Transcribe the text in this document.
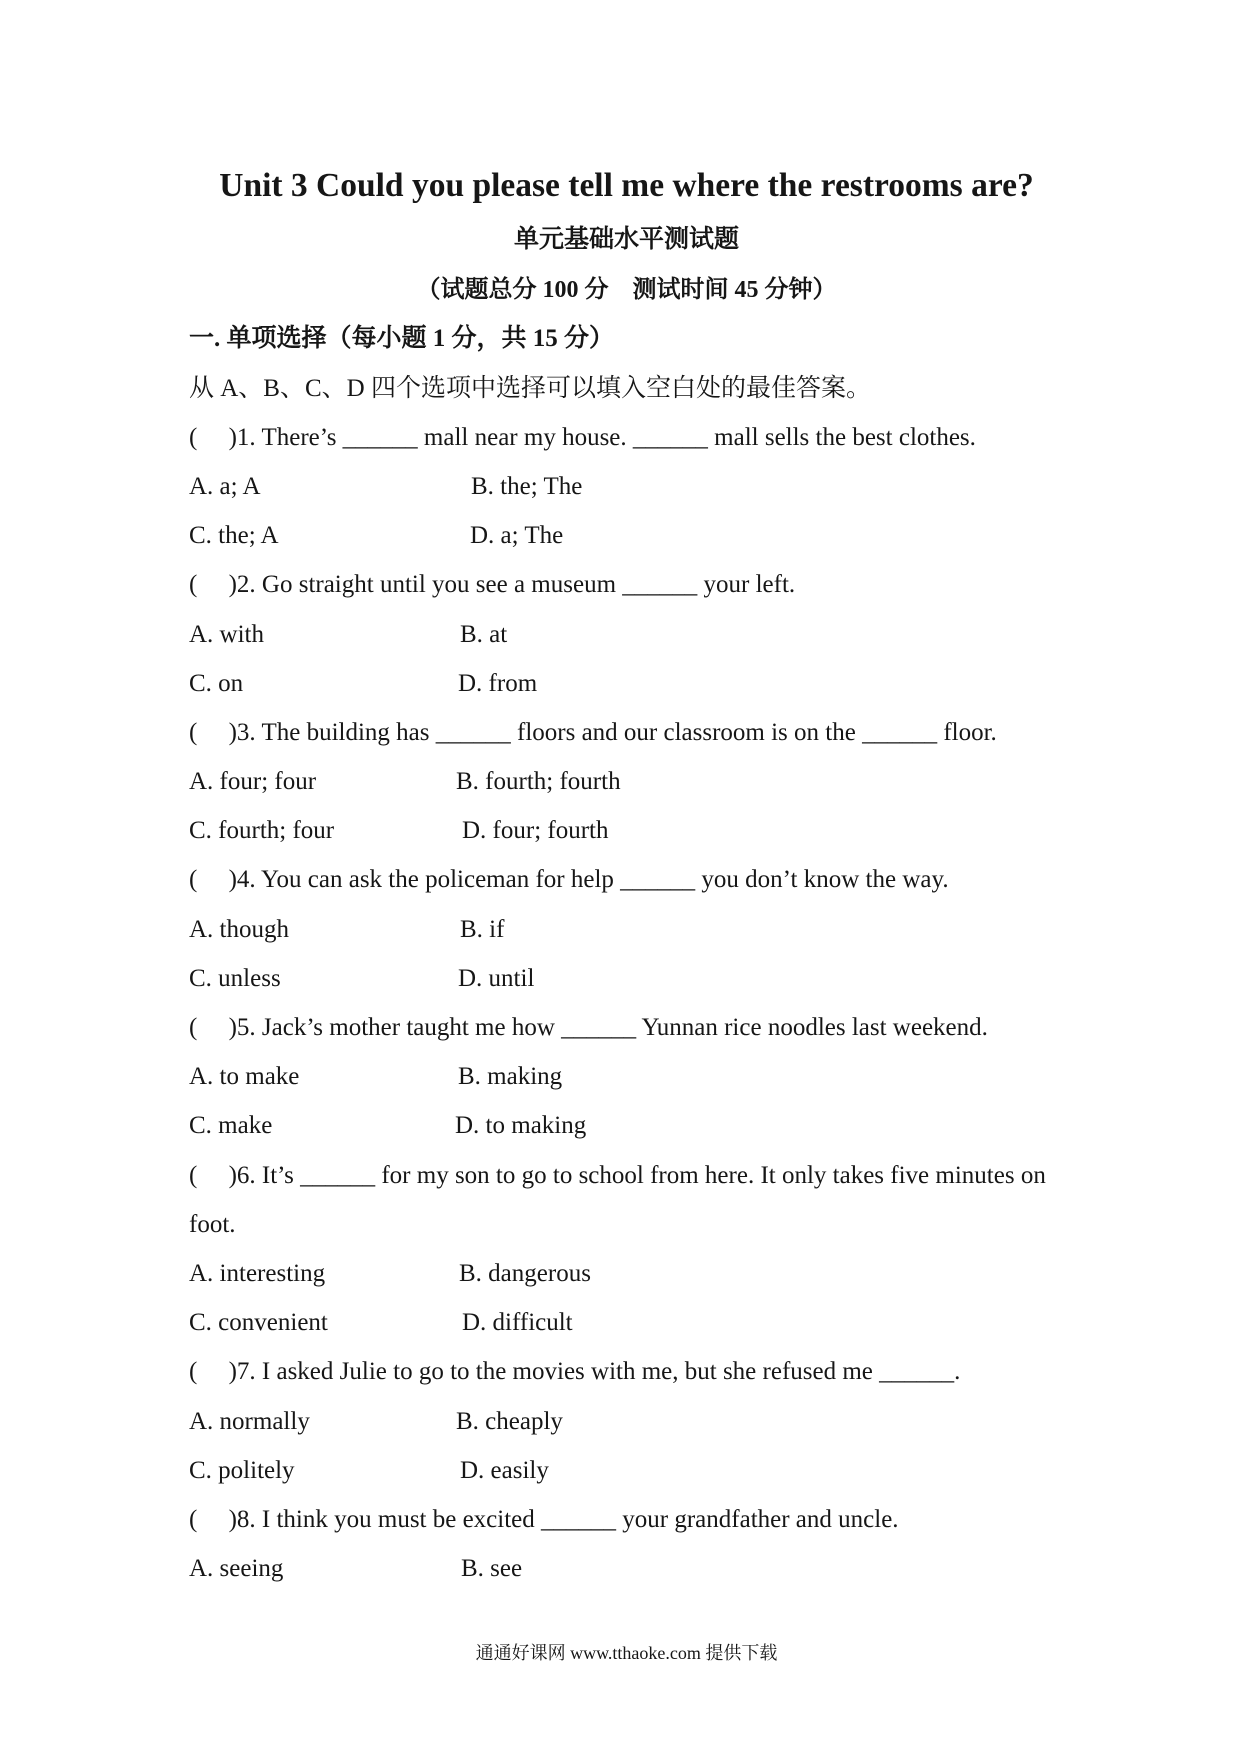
Unit 3 Could you please tell me where the restrooms are?
单元基础水平测试题
（试题总分 100 分　测试时间 45 分钟）
一. 单项选择（每小题 1 分，共 15 分）
从 A、B、C、D 四个选项中选择可以填入空白处的最佳答案。
(     )1. There’s ______ mall near my house. ______ mall sells the best clothes.
A. a; A	B. the; The
C. the; A	D. a; The
(     )2. Go straight until you see a museum ______ your left.
A. with	B. at
C. on	D. from
(     )3. The building has ______ floors and our classroom is on the ______ floor.
A. four; four	B. fourth; fourth
C. fourth; four	D. four; fourth
(     )4. You can ask the policeman for help ______ you don’t know the way.
A. though	B. if
C. unless	D. until
(     )5. Jack’s mother taught me how ______ Yunnan rice noodles last weekend.
A. to make	B. making
C. make	D. to making
(     )6. It’s ______ for my son to go to school from here. It only takes five minutes on
foot.
A. interesting	B. dangerous
C. convenient	D. difficult
(     )7. I asked Julie to go to the movies with me, but she refused me ______.
A. normally	B. cheaply
C. politely	D. easily
(     )8. I think you must be excited ______ your grandfather and uncle.
A. seeing	B. see
通通好课网 www.tthaoke.com 提供下载
